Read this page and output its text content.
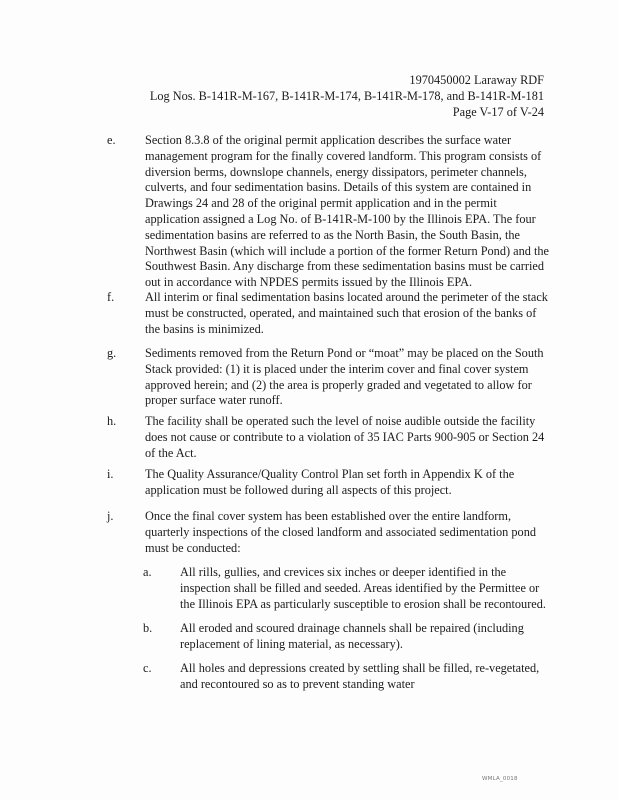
1970450002 Laraway RDF
Log Nos. B-141R-M-167, B-141R-M-174, B-141R-M-178, and B-141R-M-181
Page V-17 of V-24
e. Section 8.3.8 of the original permit application describes the surface water
management program for the finally covered landform. This program consists of
diversion berms, downslope channels, energy dissipators, perimeter channels,
culverts, and four sedimentation basins. Details of this system are contained in
Drawings 24 and 28 of the original permit application and in the permit
application assigned a Log No. of B-141R-M-100 by the Illinois EPA. The four
sedimentation basins are referred to as the North Basin, the South Basin, the
Northwest Basin (which will include a portion of the former Return Pond) and the
Southwest Basin. Any discharge from these sedimentation basins must be carried
out in accordance with NPDES permits issued by the Illinois EPA.
f.	All interim or final sedimentation basins located around the perimeter of the stack
must be constructed, operated, and maintained such that erosion of the banks of
the basins is minimized.
g. Sediments removed from the Return Pond or “moat” may be placed on the South
Stack provided: (1) it is placed under the interim cover and final cover system
approved herein; and (2) the area is properly graded and vegetated to allow for
proper surface water runoff.
h. The facility shall be operated such the level of noise audible outside the facility
does not cause or contribute to a violation of 35 IAC Parts 900-905 or Section 24
of the Act.
i.	The Quality Assurance/Quality Control Plan set forth in Appendix K of the
application must be followed during all aspects of this project.
j.	Once the final cover system has been established over the entire landform,
quarterly inspections of the closed landform and associated sedimentation pond
must be conducted:
a. All rills, gullies, and crevices six inches or deeper identified in the
inspection shall be filled and seeded. Areas identified by the Permittee or
the Illinois EPA as particularly susceptible to erosion shall be recontoured.
b. All eroded and scoured drainage channels shall be repaired (including
replacement of lining material, as necessary).
c. All holes and depressions created by settling shall be filled, re-vegetated,
and recontoured so as to prevent standing water
WMLA_0018
